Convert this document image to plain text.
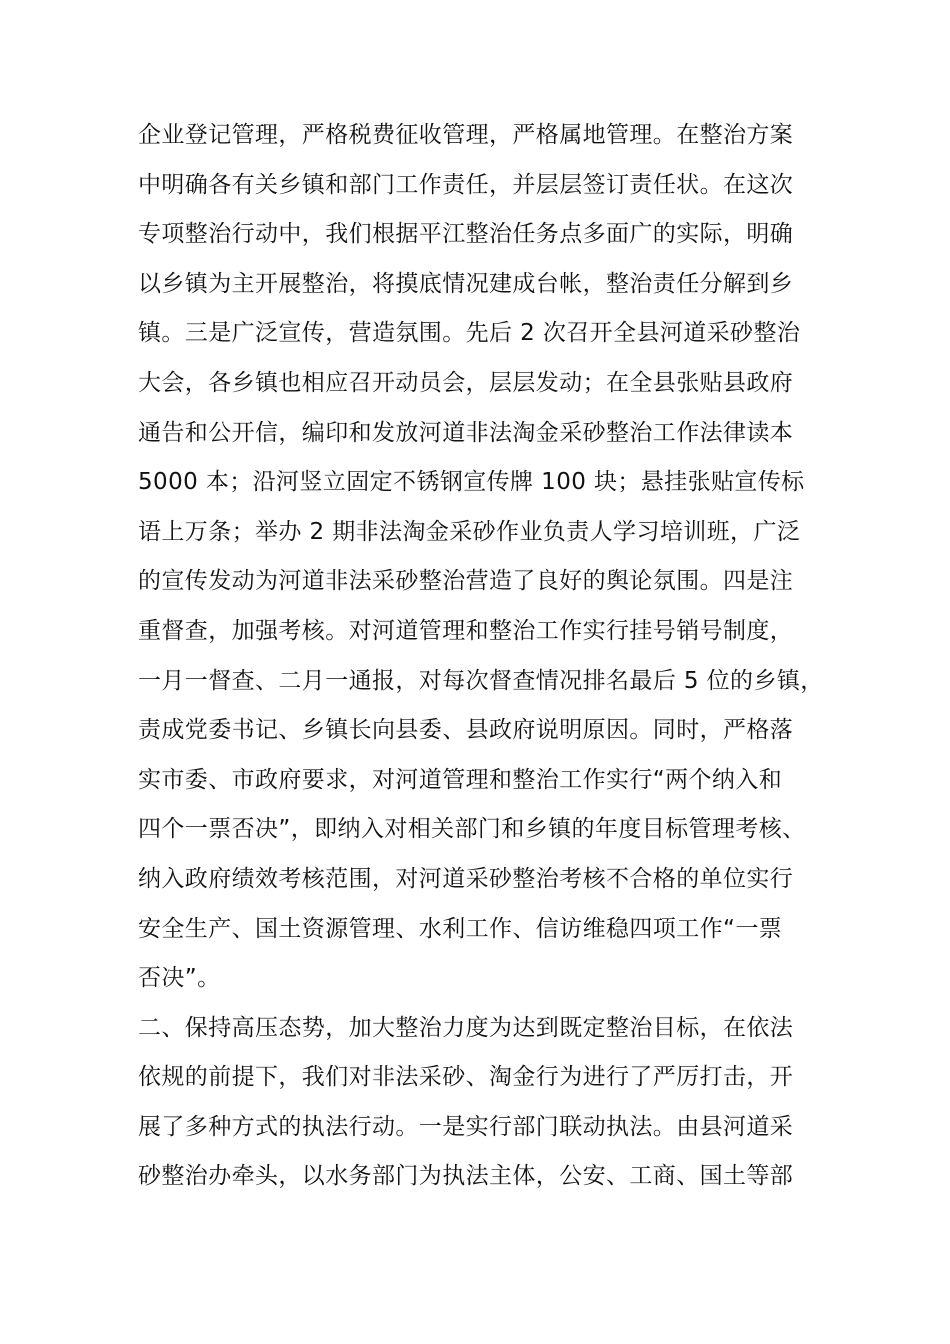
企业登记管理，严格税费征收管理，严格属地管理。在整治方案
中明确各有关乡镇和部门工作责任，并层层签订责任状。在这次
专项整治行动中，我们根据平江整治任务点多面广的实际，明确
以乡镇为主开展整治，将摸底情况建成台帐，整治责任分解到乡
镇。三是广泛宣传，营造氛围。先后 2 次召开全县河道采砂整治
大会，各乡镇也相应召开动员会，层层发动；在全县张贴县政府
通告和公开信，编印和发放河道非法淘金采砂整治工作法律读本
5000 本；沿河竖立固定不锈钢宣传牌 100 块；悬挂张贴宣传标
语上万条；举办 2 期非法淘金采砂作业负责人学习培训班，广泛
的宣传发动为河道非法采砂整治营造了良好的舆论氛围。四是注
重督查，加强考核。对河道管理和整治工作实行挂号销号制度，
一月一督查、二月一通报，对每次督查情况排名最后 5 位的乡镇，
责成党委书记、乡镇长向县委、县政府说明原因。同时，严格落
实市委、市政府要求，对河道管理和整治工作实行“两个纳入和
四个一票否决”，即纳入对相关部门和乡镇的年度目标管理考核、
纳入政府绩效考核范围，对河道采砂整治考核不合格的单位实行
安全生产、国土资源管理、水利工作、信访维稳四项工作“一票
否决”。
二、保持高压态势，加大整治力度为达到既定整治目标，在依法
依规的前提下，我们对非法采砂、淘金行为进行了严厉打击，开
展了多种方式的执法行动。一是实行部门联动执法。由县河道采
砂整治办牵头，以水务部门为执法主体，公安、工商、国土等部
